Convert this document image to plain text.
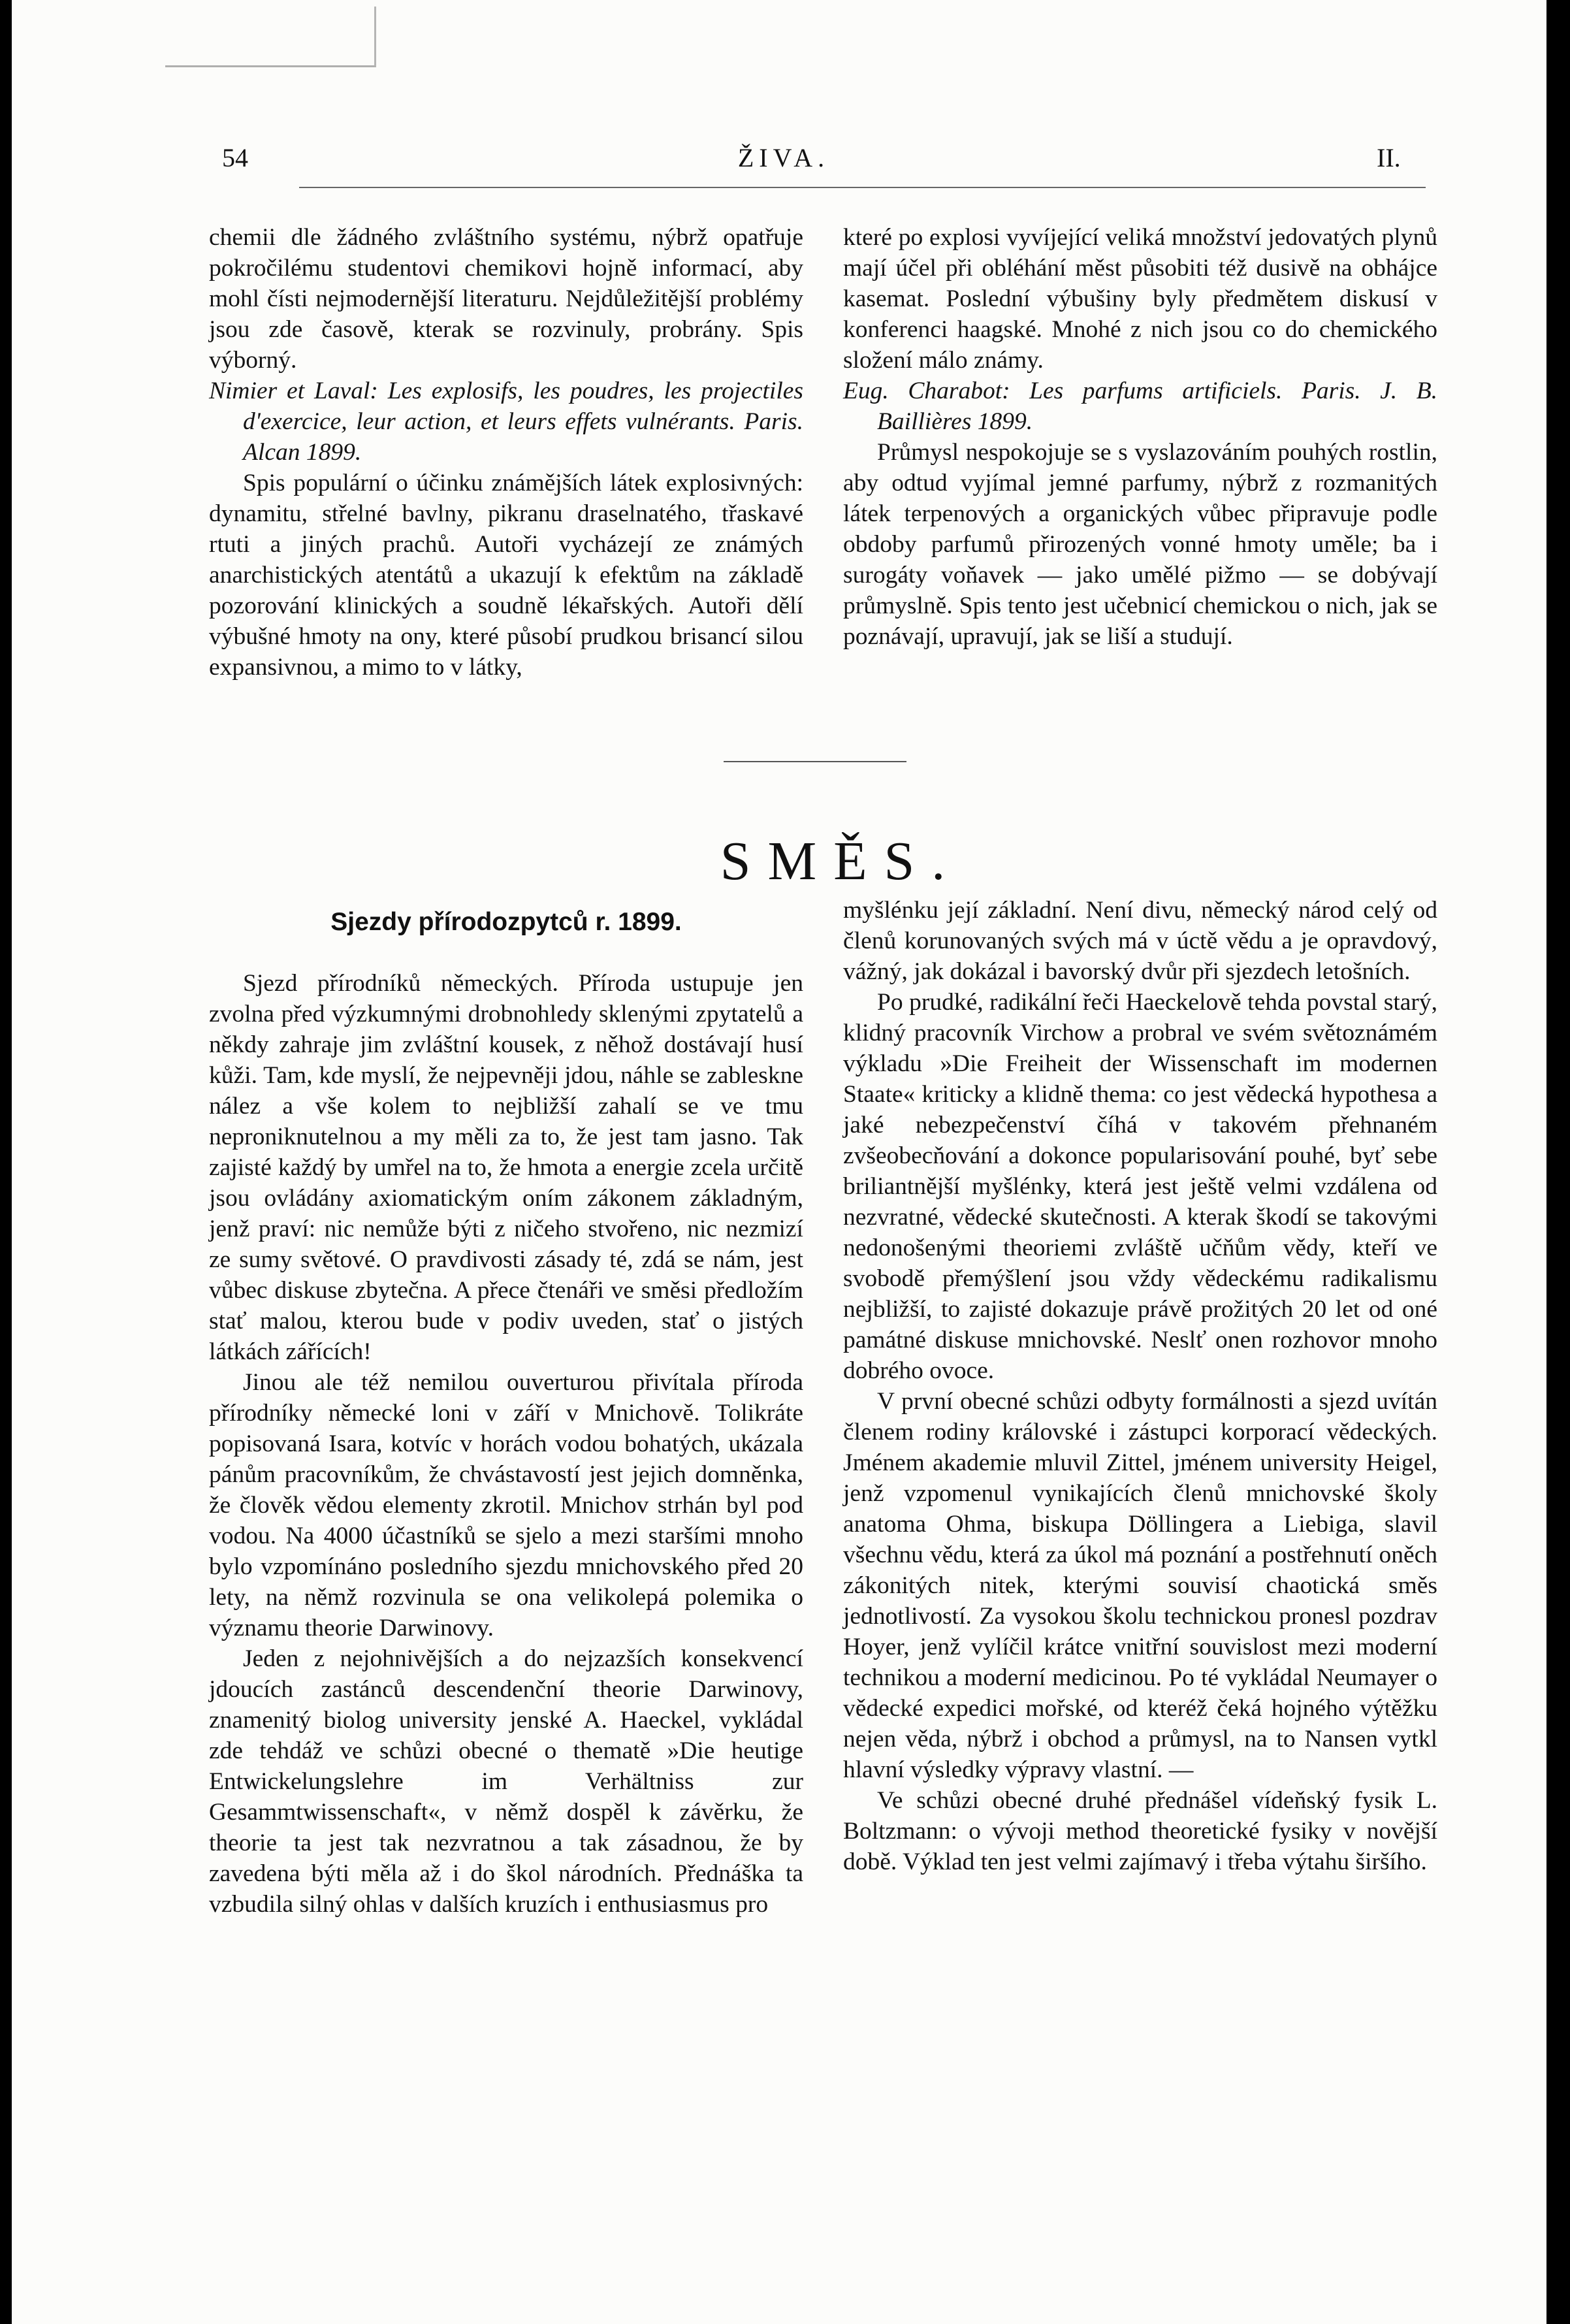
54	ŽIVA.	II.

chemii dle žádného zvláštního systému, nýbrž opatřuje pokročilému studentovi chemikovi hojně informací, aby mohl čísti nejmodernější literaturu. Nejdůležitější problémy jsou zde časově, kterak se rozvinuly, probrány. Spis výborný.

Nimier et Laval: Les explosifs, les poudres, les projectiles d'exercice, leur action, et leurs effets vulnérants. Paris. Alcan 1899.

Spis populární o účinku známějších látek explosivných: dynamitu, střelné bavlny, pikranu draselnatého, třaskavé rtuti a jiných prachů. Autoři vycházejí ze známých anarchistických atentátů a ukazují k efektům na základě pozorování klinických a soudně lékařských. Autoři dělí výbušné hmoty na ony, které působí prudkou brisancí silou expansivnou, a mimo to v látky,

které po explosi vyvíjející veliká množství jedovatých plynů mají účel při obléhání měst působiti též dusivě na obhájce kasemat. Poslední výbušiny byly předmětem diskusí v konferenci haagské. Mnohé z nich jsou co do chemického složení málo známy.

Eug. Charabot: Les parfums artificiels. Paris. J. B. Baillières 1899.

Průmysl nespokojuje se s vyslazováním pouhých rostlin, aby odtud vyjímal jemné parfumy, nýbrž z rozmanitých látek terpenových a organických vůbec připravuje podle obdoby parfumů přirozených vonné hmoty uměle; ba i surogáty voňavek — jako umělé pižmo — se dobývají průmyslně. Spis tento jest učebnicí chemickou o nich, jak se poznávají, upravují, jak se liší a studují.

SMĚS.
Sjezdy přírodozpytců r. 1899.

Sjezd přírodníků německých. Příroda ustupuje jen zvolna před výzkumnými drobnohledy sklenými zpytatelů a někdy zahraje jim zvláštní kousek, z něhož dostávají husí kůži. Tam, kde myslí, že nejpevněji jdou, náhle se zableskne nález a vše kolem to nejbližší zahalí se ve tmu neproniknutelnou a my měli za to, že jest tam jasno. Tak zajisté každý by umřel na to, že hmota a energie zcela určitě jsou ovládány axiomatickým oním zákonem základným, jenž praví: nic nemůže býti z ničeho stvořeno, nic nezmizí ze sumy světové. O pravdivosti zásady té, zdá se nám, jest vůbec diskuse zbytečna. A přece čtenáři ve směsi předložím stať malou, kterou bude v podiv uveden, stať o jistých látkách zářících!

Jinou ale též nemilou ouverturou přivítala příroda přírodníky německé loni v září v Mnichově. Tolikráte popisovaná Isara, kotvíc v horách vodou bohatých, ukázala pánům pracovníkům, že chvástavostí jest jejich domněnka, že člověk vědou elementy zkrotil. Mnichov strhán byl pod vodou. Na 4000 účastníků se sjelo a mezi staršími mnoho bylo vzpomínáno posledního sjezdu mnichovského před 20 lety, na němž rozvinula se ona velikolepá polemika o významu theorie Darwinovy.

Jeden z nejohnivějších a do nejzazších konsekvencí jdoucích zastánců descendenční theorie Darwinovy, znamenitý biolog university jenské A. Haeckel, vykládal zde tehdáž ve schůzi obecné o thematě »Die heutige Entwickelungslehre im Verhältniss zur Gesammtwissenschaft«, v němž dospěl k závěrku, že theorie ta jest tak nezvratnou a tak zásadnou, že by zavedena býti měla až i do škol národních. Přednáška ta vzbudila silný ohlas v dalších kruzích i enthusiasmus pro

myšlénku její základní. Není divu, německý národ celý od členů korunovaných svých má v úctě vědu a je opravdový, vážný, jak dokázal i bavorský dvůr při sjezdech letošních.

Po prudké, radikální řeči Haeckelově tehda povstal starý, klidný pracovník Virchow a probral ve svém světoznámém výkladu »Die Freiheit der Wissenschaft im modernen Staate« kriticky a klidně thema: co jest vědecká hypothesa a jaké nebezpečenství číhá v takovém přehnaném zvšeobecňování a dokonce popularisování pouhé, byť sebe briliantnější myšlénky, která jest ještě velmi vzdálena od nezvratné, vědecké skutečnosti. A kterak škodí se takovými nedonošenými theoriemi zvláště učňům vědy, kteří ve svobodě přemýšlení jsou vždy vědeckému radikalismu nejbližší, to zajisté dokazuje právě prožitých 20 let od oné památné diskuse mnichovské. Neslť onen rozhovor mnoho dobrého ovoce.

V první obecné schůzi odbyty formálnosti a sjezd uvítán členem rodiny královské i zástupci korporací vědeckých. Jménem akademie mluvil Zittel, jménem university Heigel, jenž vzpomenul vynikajících členů mnichovské školy anatoma Ohma, biskupa Döllingera a Liebiga, slavil všechnu vědu, která za úkol má poznání a postřehnutí oněch zákonitých nitek, kterými souvisí chaotická směs jednotlivostí. Za vysokou školu technickou pronesl pozdrav Hoyer, jenž vylíčil krátce vnitřní souvislost mezi moderní technikou a moderní medicinou. Po té vykládal Neumayer o vědecké expedici mořské, od kteréž čeká hojného výtěžku nejen věda, nýbrž i obchod a průmysl, na to Nansen vytkl hlavní výsledky výpravy vlastní. —

Ve schůzi obecné druhé přednášel vídeňský fysik L. Boltzmann: o vývoji method theoretické fysiky v novější době. Výklad ten jest velmi zajímavý i třeba výtahu širšího.
